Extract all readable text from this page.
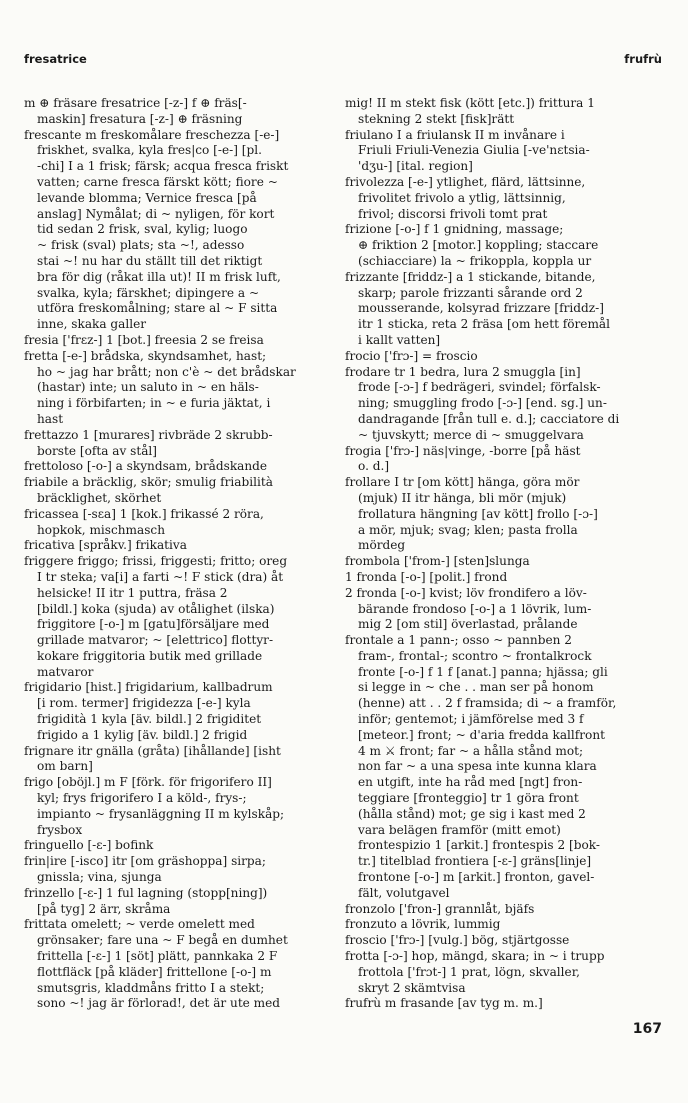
fresatrice	frufrù

m ⊕ fräsare fresatrice [-z-] f ⊕ fräs[-
maskin] fresatura [-z-] ⊕ fräsning

frescante m freskomålare freschezza [-e-]
friskhet, svalka, kyla fres|co [-e-] [pl.
-chi] I a 1 frisk; färsk; acqua fresca friskt
vatten; carne fresca färskt kött; fiore ~
levande blomma; Vernice fresca [på
anslag] Nymålat; di ~ nyligen, för kort
tid sedan 2 frisk, sval, kylig; luogo
~ frisk (sval) plats; sta ~!, adesso
stai ~! nu har du ställt till det riktigt
bra för dig (råkat illa ut)! II m frisk luft,
svalka, kyla; färskhet; dipingere a ~
utföra freskomålning; stare al ~ F sitta
inne, skaka galler

fresia ['frɛz-] 1 [bot.] freesia 2 se freisa

fretta [-e-] brådska, skyndsamhet, hast;
ho ~ jag har brått; non c'è ~ det brådskar
(hastar) inte; un saluto in ~ en häls-
ning i förbifarten; in ~ e furia jäktat, i
hast

frettazzo 1 [murares] rivbräde 2 skrubb-
borste [ofta av stål]

frettoloso [-o-] a skyndsam, brådskande

friabile a bräcklig, skör; smulig friabilità
bräcklighet, skörhet

fricassea [-sɛa] 1 [kok.] frikassé 2 röra,
hopkok, mischmasch

fricativa [språkv.] frikativa

friggere friggo; frissi, friggesti; fritto; oreg
I tr steka; va[i] a farti ~! F stick (dra) åt
helsicke! II itr 1 puttra, fräsa 2
[bildl.] koka (sjuda) av otålighet (ilska)
friggitore [-o-] m [gatu]försäljare med
grillade matvaror; ~ [elettrico] flottyr-
kokare friggitoria butik med grillade
matvaror

frigidario [hist.] frigidarium, kallbadrum
[i rom. termer] frigidezza [-e-] kyla
frigidità 1 kyla [äv. bildl.] 2 frigiditet
frigido a 1 kylig [äv. bildl.] 2 frigid

frignare itr gnälla (gråta) [ihållande] [isht
om barn]

frigo [oböjl.] m F [förk. för frigorifero II]
kyl; frys frigorifero I a köld-, frys-;
impianto ~ frysanläggning II m kylskåp;
frysbox

fringuello [-ɛ-] bofink

frin|ire [-isco] itr [om gräshoppa] sirpa;
gnissla; vina, sjunga

frinzello [-ɛ-] 1 ful lagning (stopp[ning])
[på tyg] 2 ärr, skråma

frittata omelett; ~ verde omelett med
grönsaker; fare una ~ F begå en dumhet
frittella [-ɛ-] 1 [söt] plätt, pannkaka 2 F
flottfläck [på kläder] frittellone [-o-] m
smutsgris, kladdmåns fritto I a stekt;
sono ~! jag är förlorad!, det är ute med

mig! II m stekt fisk (kött [etc.]) frittura 1
stekning 2 stekt [fisk]rätt

friulano I a friulansk II m invånare i
Friuli Friuli-Venezia Giulia [-ve'nɛtsia-
'dʒu-] [ital. region]

frivolezza [-e-] ytlighet, flärd, lättsinne,
frivolitet frivolo a ytlig, lättsinnig,
frivol; discorsi frivoli tomt prat

frizione [-o-] f 1 gnidning, massage;
⊕ friktion 2 [motor.] koppling; staccare
(schiacciare) la ~ frikoppla, koppla ur

frizzante [friddz-] a 1 stickande, bitande,
skarp; parole frizzanti sårande ord 2
mousserande, kolsyrad frizzare [friddz-]
itr 1 sticka, reta 2 fräsa [om hett föremål
i kallt vatten]

frocio ['frɔ-] = froscio

frodare tr 1 bedra, lura 2 smuggla [in]
frode [-ɔ-] f bedrägeri, svindel; förfalsk-
ning; smuggling frodo [-ɔ-] [end. sg.] un-
dandragande [från tull e. d.]; cacciatore di
~ tjuvskytt; merce di ~ smuggelvara

frogia ['frɔ-] näs|vinge, -borre [på häst
o. d.]

frollare I tr [om kött] hänga, göra mör
(mjuk) II itr hänga, bli mör (mjuk)
frollatura hängning [av kött] frollo [-ɔ-]
a mör, mjuk; svag; klen; pasta frolla
mördeg

frombola ['from-] [sten]slunga

1 fronda [-o-] [polit.] frond

2 fronda [-o-] kvist; löv frondifero a löv-
bärande frondoso [-o-] a 1 lövrik, lum-
mig 2 [om stil] överlastad, prålande

frontale a 1 pann-; osso ~ pannben 2
fram-, frontal-; scontro ~ frontalkrock
fronte [-o-] f 1 f [anat.] panna; hjässa; gli
si legge in ~ che . . man ser på honom
(henne) att . . 2 f framsida; di ~ a framför,
inför; gentemot; i jämförelse med 3 f
[meteor.] front; ~ d'aria fredda kallfront
4 m ⚔ front; far ~ a hålla stånd mot;
non far ~ a una spesa inte kunna klara
en utgift, inte ha råd med [ngt] fron-
teggiare [fronteggio] tr 1 göra front
(hålla stånd) mot; ge sig i kast med 2
vara belägen framför (mitt emot)
frontespizio 1 [arkit.] frontespis 2 [bok-
tr.] titelblad frontiera [-ɛ-] gräns[linje]
frontone [-o-] m [arkit.] fronton, gavel-
fält, volutgavel

fronzolo ['fron-] grannlåt, bjäfs

fronzuto a lövrik, lummig

froscio ['frɔ-] [vulg.] bög, stjärtgosse

frotta [-ɔ-] hop, mängd, skara; in ~ i trupp
frottola ['frɔt-] 1 prat, lögn, skvaller,
skryt 2 skämtvisa

frufrù m frasande [av tyg m. m.]

167
